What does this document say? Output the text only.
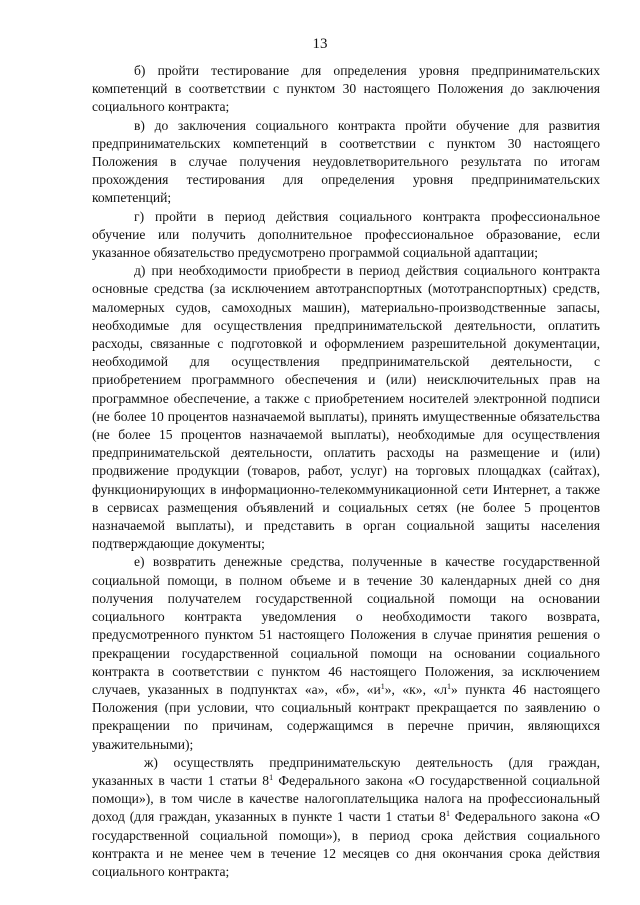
13

б) пройти тестирование для определения уровня предпринимательских компетенций в соответствии с пунктом 30 настоящего Положения до заключения социального контракта;

в) до заключения социального контракта пройти обучение для развития предпринимательских компетенций в соответствии с пунктом 30 настоящего Положения в случае получения неудовлетворительного результата по итогам прохождения тестирования для определения уровня предпринимательских компетенций;

г) пройти в период действия социального контракта профессиональное обучение или получить дополнительное профессиональное образование, если указанное обязательство предусмотрено программой социальной адаптации;

д) при необходимости приобрести в период действия социального контракта основные средства (за исключением автотранспортных (мототранспортных) средств, маломерных судов, самоходных машин), материально-производственные запасы, необходимые для осуществления предпринимательской деятельности, оплатить расходы, связанные с подготовкой и оформлением разрешительной документации, необходимой для осуществления предпринимательской деятельности, с приобретением программного обеспечения и (или) неисключительных прав на программное обеспечение, а также с приобретением носителей электронной подписи (не более 10 процентов назначаемой выплаты), принять имущественные обязательства (не более 15 процентов назначаемой выплаты), необходимые для осуществления предпринимательской деятельности, оплатить расходы на размещение и (или) продвижение продукции (товаров, работ, услуг) на торговых площадках (сайтах), функционирующих в информационно-телекоммуникационной сети Интернет, а также в сервисах размещения объявлений и социальных сетях (не более 5 процентов назначаемой выплаты), и представить в орган социальной защиты населения подтверждающие документы;

е) возвратить денежные средства, полученные в качестве государственной социальной помощи, в полном объеме и в течение 30 календарных дней со дня получения получателем государственной социальной помощи на основании социального контракта уведомления о необходимости такого возврата, предусмотренного пунктом 51 настоящего Положения в случае принятия решения о прекращении государственной социальной помощи на основании социального контракта в соответствии с пунктом 46 настоящего Положения, за исключением случаев, указанных в подпунктах «а», «б», «$и^1$», «к», «$л^1$» пункта 46 настоящего Положения (при условии, что социальный контракт прекращается по заявлению о прекращении по причинам, содержащимся в перечне причин, являющихся уважительными);

ж) осуществлять предпринимательскую деятельность (для граждан, указанных в части 1 статьи $8^1$ Федерального закона «О государственной социальной помощи»), в том числе в качестве налогоплательщика налога на профессиональный доход (для граждан, указанных в пункте 1 части 1 статьи $8^1$ Федерального закона «О государственной социальной помощи»), в период срока действия социального контракта и не менее чем в течение 12 месяцев со дня окончания срока действия социального контракта;
